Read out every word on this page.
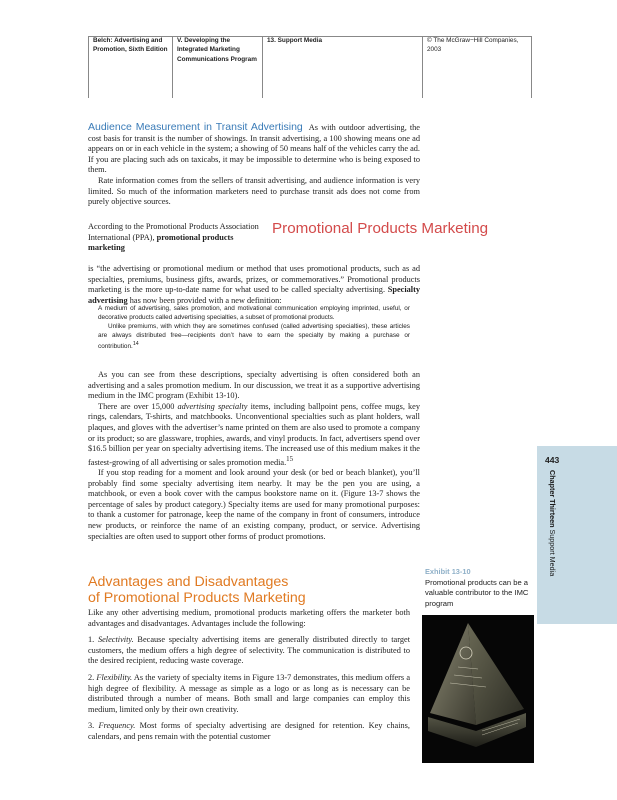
Belch: Advertising and Promotion, Sixth Edition
V. Developing the Integrated Marketing Communications Program
13. Support Media	© The McGraw−Hill Companies, 2003

Audience Measurement in Transit Advertising As with outdoor advertising, the cost basis for transit is the number of showings. In transit advertising, a 100 showing means one ad appears on or in each vehicle in the system; a showing of 50 means half of the vehicles carry the ad. If you are placing such ads on taxicabs, it may be impossible to determine who is being exposed to them.

Rate information comes from the sellers of transit advertising, and audience information is very limited. So much of the information marketers need to purchase transit ads does not come from purely objective sources.

Promotional Products Marketing

According to the Promotional Products Association International (PPA), promotional products marketing

is “the advertising or promotional medium or method that uses promotional products, such as ad specialties, premiums, business gifts, awards, prizes, or commemoratives.” Promotional products marketing is the more up-to-date name for what used to be called specialty advertising. Specialty advertising has now been provided with a new definition:

A medium of advertising, sales promotion, and motivational communication employing imprinted, useful, or decorative products called advertising specialties, a subset of promotional products.

Unlike premiums, with which they are sometimes confused (called advertising specialties), these articles are always distributed free—recipients don’t have to earn the specialty by making a purchase or contribution.$^{14}$

As you can see from these descriptions, specialty advertising is often considered both an advertising and a sales promotion medium. In our discussion, we treat it as a supportive advertising medium in the IMC program (Exhibit 13-10).

There are over 15,000 advertising specialty items, including ballpoint pens, coffee mugs, key rings, calendars, T-shirts, and matchbooks. Unconventional specialties such as plant holders, wall plaques, and gloves with the advertiser’s name printed on them are also used to promote a company or its product; so are glassware, trophies, awards, and vinyl products. In fact, advertisers spend over $16.5 billion per year on specialty advertising items. The increased use of this medium makes it the fastest-growing of all advertising or sales promotion media.$^{15}$

If you stop reading for a moment and look around your desk (or bed or beach blanket), you’ll probably find some specialty advertising item nearby. It may be the pen you are using, a matchbook, or even a book cover with the campus bookstore name on it. (Figure 13-7 shows the percentage of sales by product category.) Specialty items are used for many promotional purposes: to thank a customer for patronage, keep the name of the company in front of consumers, introduce new products, or reinforce the name of an existing company, product, or service. Advertising specialties are often used to support other forms of product promotions.

Advantages and Disadvantages
of Promotional Products Marketing

Like any other advertising medium, promotional products marketing offers the marketer both advantages and disadvantages. Advantages include the following:

1. Selectivity. Because specialty advertising items are generally distributed directly to target customers, the medium offers a high degree of selectivity. The communication is distributed to the desired recipient, reducing waste coverage.

2. Flexibility. As the variety of specialty items in Figure 13-7 demonstrates, this medium offers a high degree of flexibility. A message as simple as a logo or as long as is necessary can be distributed through a number of means. Both small and large companies can employ this medium, limited only by their own creativity.

3. Frequency. Most forms of specialty advertising are designed for retention. Key chains, calendars, and pens remain with the potential customer

Exhibit 13-10
Promotional products can be a valuable contributor to the IMC program
443
Chapter Thirteen Support Media
